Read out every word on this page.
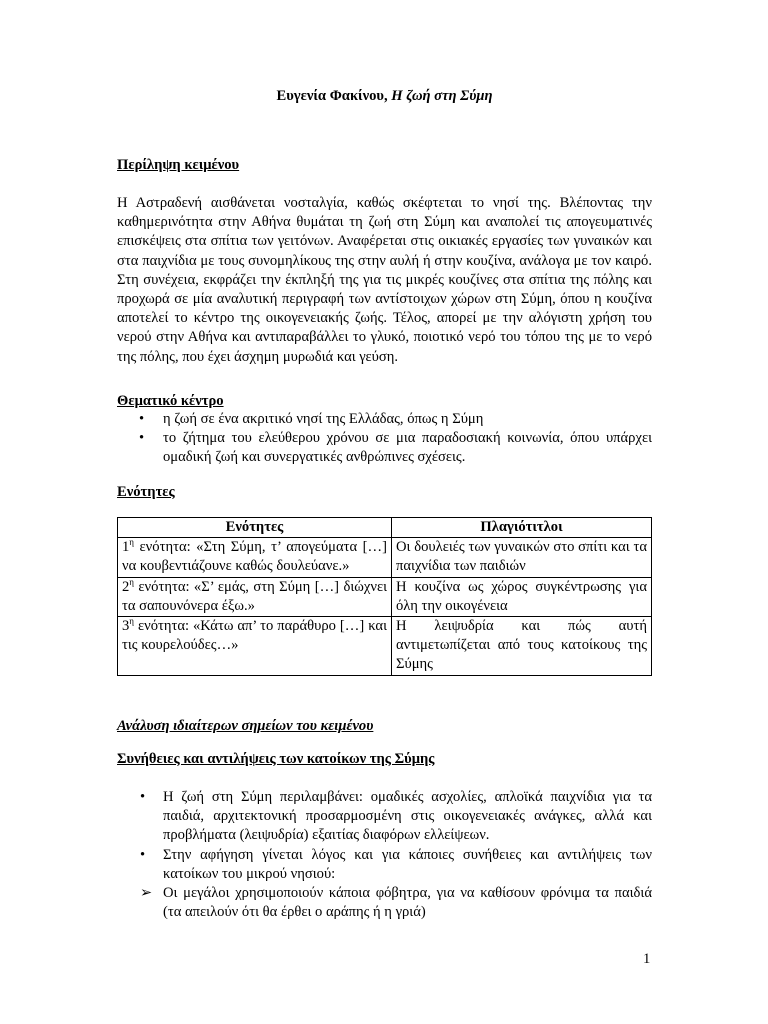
Ευγενία Φακίνου, Η ζωή στη Σύμη
Περίληψη κειμένου
Η Αστραδενή αισθάνεται νοσταλγία, καθώς σκέφτεται το νησί της. Βλέποντας την καθημερινότητα στην Αθήνα θυμάται τη ζωή στη Σύμη και αναπολεί τις απογευματινές επισκέψεις στα σπίτια των γειτόνων. Αναφέρεται στις οικιακές εργασίες των γυναικών και στα παιχνίδια με τους συνομηλίκους της στην αυλή ή στην κουζίνα, ανάλογα με τον καιρό. Στη συνέχεια, εκφράζει την έκπληξή της για τις μικρές κουζίνες στα σπίτια της πόλης και προχωρά σε μία αναλυτική περιγραφή των αντίστοιχων χώρων στη Σύμη, όπου η κουζίνα αποτελεί το κέντρο της οικογενειακής ζωής. Τέλος, απορεί με την αλόγιστη χρήση του νερού στην Αθήνα και αντιπαραβάλλει το γλυκό, ποιοτικό νερό του τόπου της με το νερό της πόλης, που έχει άσχημη μυρωδιά και γεύση.
Θεματικό κέντρο
• η ζωή σε ένα ακριτικό νησί της Ελλάδας, όπως η Σύμη
• το ζήτημα του ελεύθερου χρόνου σε μια παραδοσιακή κοινωνία, όπου υπάρχει ομαδική ζωή και συνεργατικές ανθρώπινες σχέσεις.
Ενότητες
Ενότητες	Πλαγιότιτλοι
$1^\eta$ ενότητα: «Στη Σύμη, τ’ απογεύματα […] να κουβεντιάζουνε καθώς δουλεύανε.»	Οι δουλειές των γυναικών στο σπίτι και τα παιχνίδια των παιδιών
$2^\eta$ ενότητα: «Σ’ εμάς, στη Σύμη […] διώχνει τα σαπουνόνερα έξω.»	Η κουζίνα ως χώρος συγκέντρωσης για όλη την οικογένεια
$3^\eta$ ενότητα: «Κάτω απ’ το παράθυρο […] και τις κουρελούδες…»	Η λειψυδρία και πώς αυτή αντιμετωπίζεται από τους κατοίκους της Σύμης
Ανάλυση ιδιαίτερων σημείων του κειμένου
Συνήθειες και αντιλήψεις των κατοίκων της Σύμης
• Η ζωή στη Σύμη περιλαμβάνει: ομαδικές ασχολίες, απλοϊκά παιχνίδια για τα παιδιά, αρχιτεκτονική προσαρμοσμένη στις οικογενειακές ανάγκες, αλλά και προβλήματα (λειψυδρία) εξαιτίας διαφόρων ελλείψεων.
• Στην αφήγηση γίνεται λόγος και για κάποιες συνήθειες και αντιλήψεις των κατοίκων του μικρού νησιού:
➢ Οι μεγάλοι χρησιμοποιούν κάποια φόβητρα, για να καθίσουν φρόνιμα τα παιδιά (τα απειλούν ότι θα έρθει ο αράπης ή η γριά)
1
